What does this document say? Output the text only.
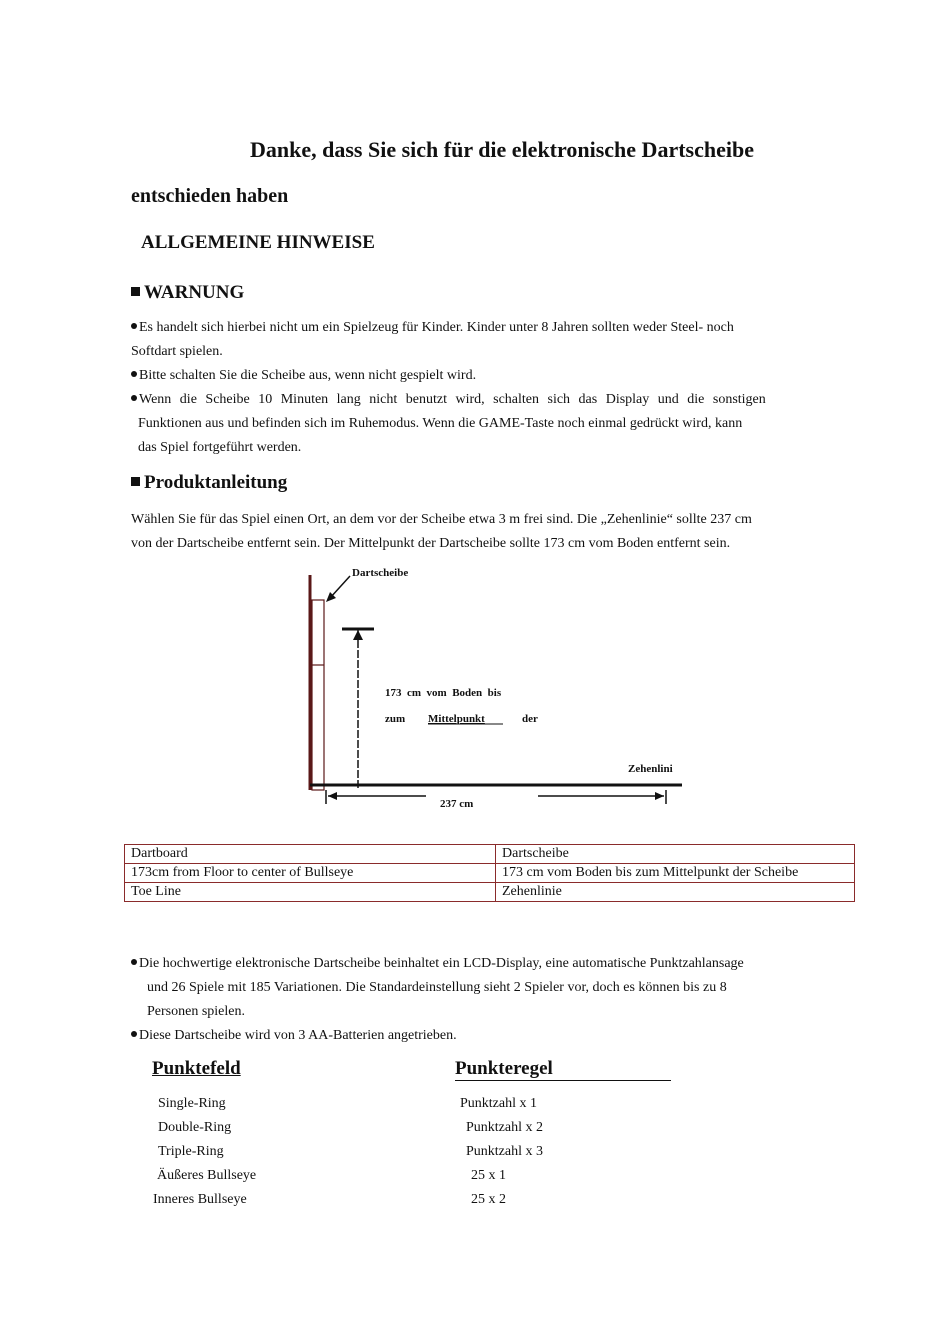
Danke, dass Sie sich für die elektronische Dartscheibe
entschieden haben
ALLGEMEINE HINWEISE
WARNUNG
Es handelt sich hierbei nicht um ein Spielzeug für Kinder. Kinder unter 8 Jahren sollten weder Steel- noch
Softdart spielen.
Bitte schalten Sie die Scheibe aus, wenn nicht gespielt wird.
Wenn die Scheibe 10 Minuten lang nicht benutzt wird, schalten sich das Display und die sonstigen
Funktionen aus und befinden sich im Ruhemodus. Wenn die GAME-Taste noch einmal gedrückt wird, kann
das Spiel fortgeführt werden.
Produktanleitung
Wählen Sie für das Spiel einen Ort, an dem vor der Scheibe etwa 3 m frei sind. Die „Zehenlinie“ sollte 237 cm
von der Dartscheibe entfernt sein. Der Mittelpunkt der Dartscheibe sollte 173 cm vom Boden entfernt sein.
Dartscheibe
173  cm  vom  Boden  bis
zum Mittelpunkt	der
Zehenlini
237 cm
Dartboard	Dartscheibe
173cm from Floor to center of Bullseye	173 cm vom Boden bis zum Mittelpunkt der Scheibe
Toe Line	Zehenlinie
Die hochwertige elektronische Dartscheibe beinhaltet ein LCD-Display, eine automatische Punktzahlansage
und 26 Spiele mit 185 Variationen. Die Standardeinstellung sieht 2 Spieler vor, doch es können bis zu 8
Personen spielen.
Diese Dartscheibe wird von 3 AA-Batterien angetrieben.
Punktefeld	Punkteregel
Single-Ring	Punktzahl x 1
Double-Ring	Punktzahl x 2
Triple-Ring	Punktzahl x 3
Äußeres Bullseye	25 x 1
Inneres Bullseye	25 x 2
